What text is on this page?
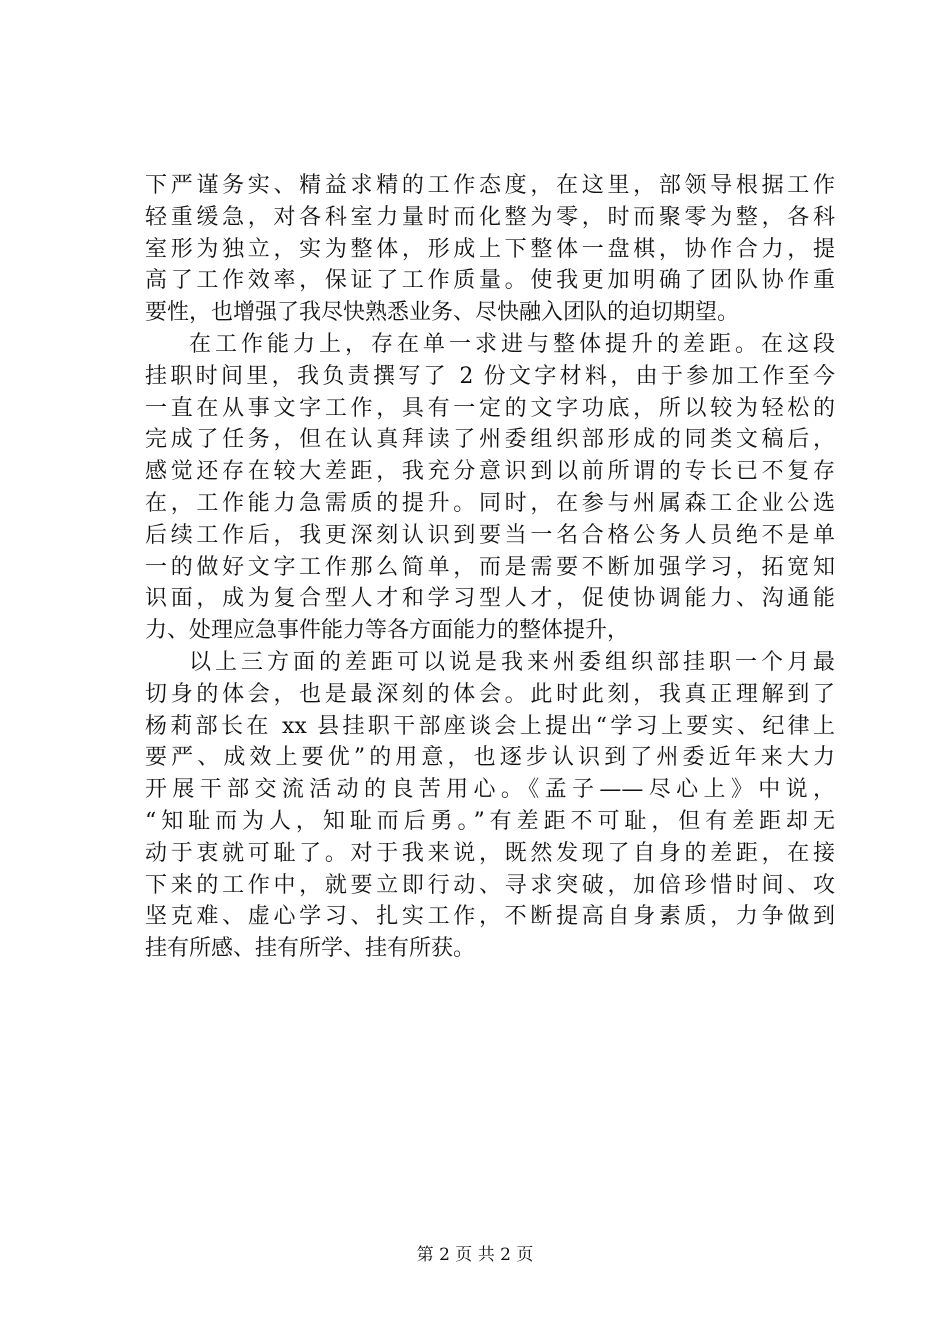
下严谨务实、精益求精的工作态度，在这里，部领导根据工作
轻重缓急，对各科室力量时而化整为零，时而聚零为整，各科
室形为独立，实为整体，形成上下整体一盘棋，协作合力，提
高了工作效率，保证了工作质量。使我更加明确了团队协作重
要性，也增强了我尽快熟悉业务、尽快融入团队的迫切期望。
在工作能力上，存在单一求进与整体提升的差距。在这段
挂职时间里，我负责撰写了 2 份文字材料，由于参加工作至今
一直在从事文字工作，具有一定的文字功底，所以较为轻松的
完成了任务，但在认真拜读了州委组织部形成的同类文稿后，
感觉还存在较大差距，我充分意识到以前所谓的专长已不复存
在，工作能力急需质的提升。同时，在参与州属森工企业公选
后续工作后，我更深刻认识到要当一名合格公务人员绝不是单
一的做好文字工作那么简单，而是需要不断加强学习，拓宽知
识面，成为复合型人才和学习型人才，促使协调能力、沟通能
力、处理应急事件能力等各方面能力的整体提升，
以上三方面的差距可以说是我来州委组织部挂职一个月最
切身的体会，也是最深刻的体会。此时此刻，我真正理解到了
杨莉部长在 xx 县挂职干部座谈会上提出“学习上要实、纪律上
要严、成效上要优”的用意，也逐步认识到了州委近年来大力
开展干部交流活动的良苦用心。《孟子——尽心上》中说，
“知耻而为人，知耻而后勇。”有差距不可耻，但有差距却无
动于衷就可耻了。对于我来说，既然发现了自身的差距，在接
下来的工作中，就要立即行动、寻求突破，加倍珍惜时间、攻
坚克难、虚心学习、扎实工作，不断提高自身素质，力争做到
挂有所感、挂有所学、挂有所获。
第 2 页 共 2 页
